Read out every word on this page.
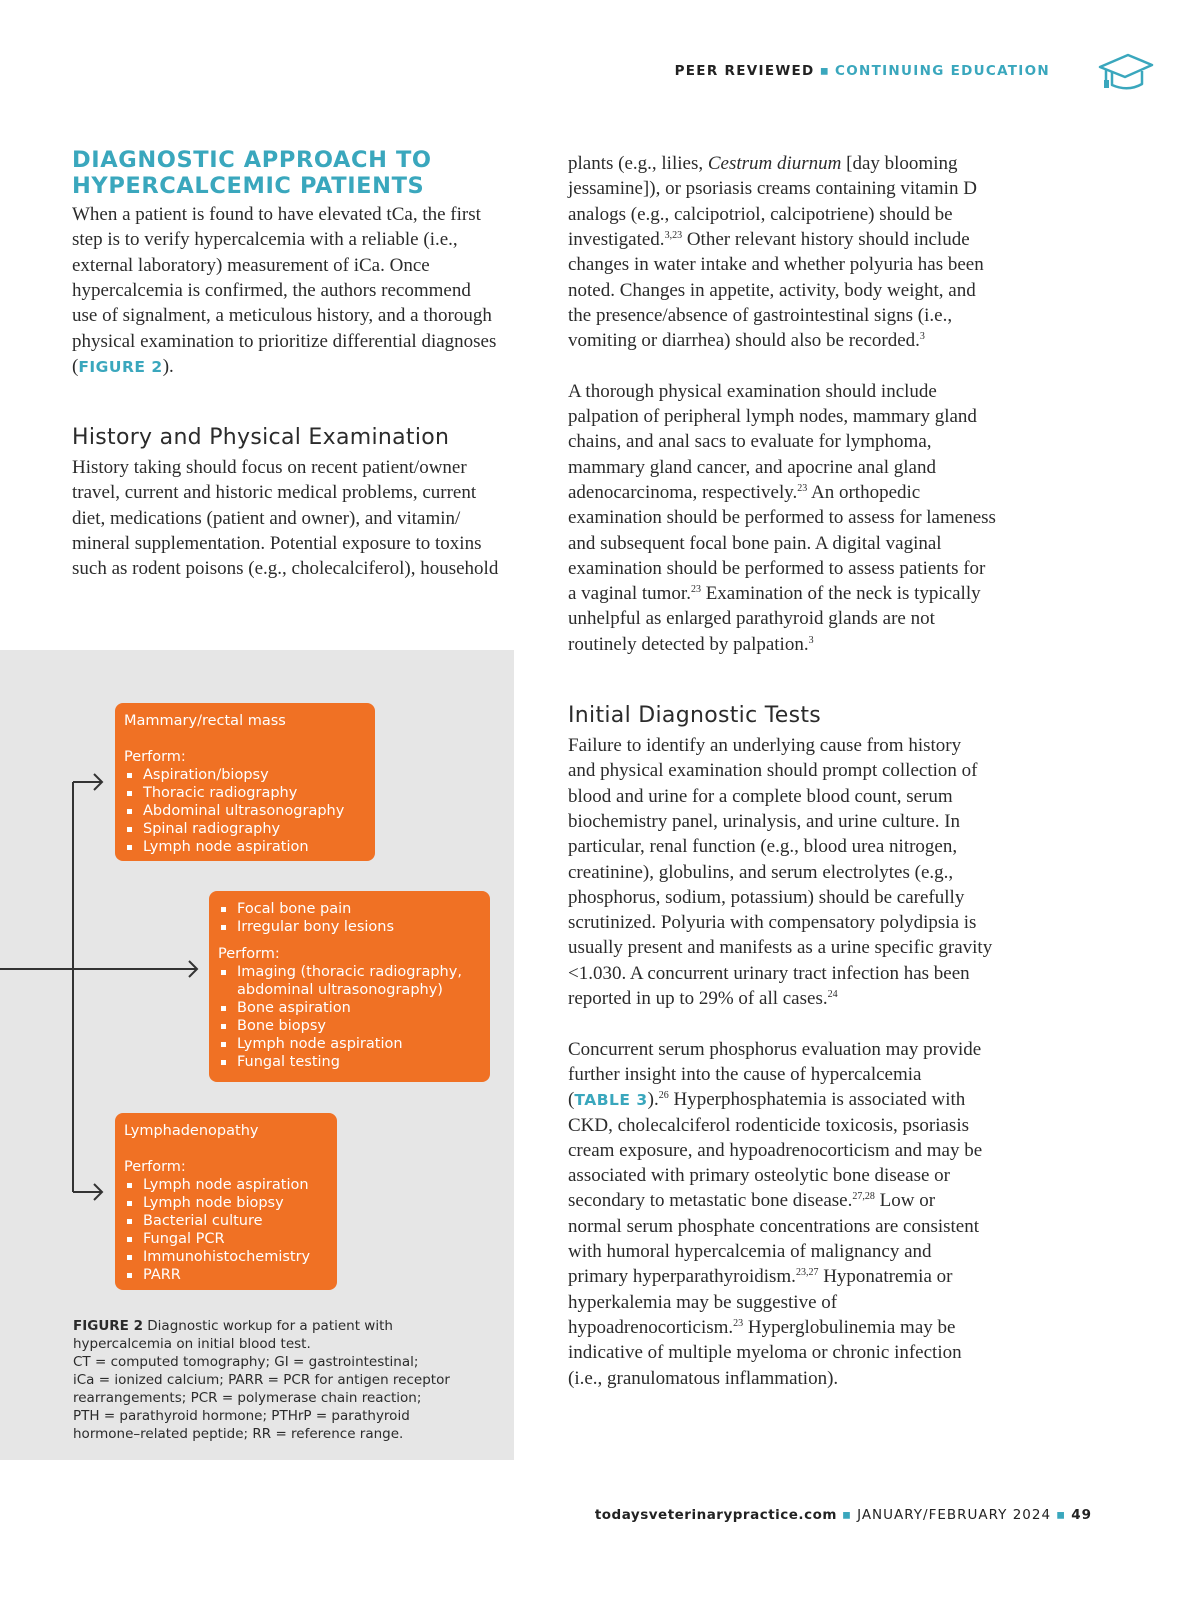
PEER REVIEWED ▪ CONTINUING EDUCATION
DIAGNOSTIC APPROACH TO
HYPERCALCEMIC PATIENTS
History and Physical Examination
Initial Diagnostic Tests
Mammary/rectal mass
Perform:
Aspiration/biopsy
Thoracic radiography
Abdominal ultrasonography
Spinal radiography
Lymph node aspiration
Focal bone pain
Irregular bony lesions
Perform:
Imaging (thoracic radiography,
abdominal ultrasonography)
Bone aspiration
Bone biopsy
Lymph node aspiration
Fungal testing
Lymphadenopathy
Perform:
Lymph node aspiration
Lymph node biopsy
Bacterial culture
Fungal PCR
Immunohistochemistry
PARR
FIGURE 2 Diagnostic workup for a patient with
hypercalcemia on initial blood test.
CT = computed tomography; GI = gastrointestinal;
iCa = ionized calcium; PARR = PCR for antigen receptor
rearrangements; PCR = polymerase chain reaction;
PTH = parathyroid hormone; PTHrP = parathyroid
hormone–related peptide; RR = reference range.
todaysveterinarypractice.com ▪ JANUARY/FEBRUARY 2024 ▪ 49
When a patient is found to have elevated tCa, the first
step is to verify hypercalcemia with a reliable (i.e.,
external laboratory) measurement of iCa. Once
hypercalcemia is confirmed, the authors recommend
use of signalment, a meticulous history, and a thorough
physical examination to prioritize differential diagnoses
(FIGURE 2).
History taking should focus on recent patient/owner
travel, current and historic medical problems, current
diet, medications (patient and owner), and vitamin/
mineral supplementation. Potential exposure to toxins
such as rodent poisons (e.g., cholecalciferol), household
plants (e.g., lilies, Cestrum diurnum [day blooming
jessamine]), or psoriasis creams containing vitamin D
analogs (e.g., calcipotriol, calcipotriene) should be
investigated.$^{3,23}$ Other relevant history should include
changes in water intake and whether polyuria has been
noted. Changes in appetite, activity, body weight, and
the presence/absence of gastrointestinal signs (i.e.,
vomiting or diarrhea) should also be recorded.$^3$
A thorough physical examination should include
palpation of peripheral lymph nodes, mammary gland
chains, and anal sacs to evaluate for lymphoma,
mammary gland cancer, and apocrine anal gland
adenocarcinoma, respectively.$^{23}$ An orthopedic
examination should be performed to assess for lameness
and subsequent focal bone pain. A digital vaginal
examination should be performed to assess patients for
a vaginal tumor.$^{23}$ Examination of the neck is typically
unhelpful as enlarged parathyroid glands are not
routinely detected by palpation.$^3$
Failure to identify an underlying cause from history
and physical examination should prompt collection of
blood and urine for a complete blood count, serum
biochemistry panel, urinalysis, and urine culture. In
particular, renal function (e.g., blood urea nitrogen,
creatinine), globulins, and serum electrolytes (e.g.,
phosphorus, sodium, potassium) should be carefully
scrutinized. Polyuria with compensatory polydipsia is
usually present and manifests as a urine specific gravity
<1.030. A concurrent urinary tract infection has been
reported in up to 29% of all cases.$^{24}$
Concurrent serum phosphorus evaluation may provide
further insight into the cause of hypercalcemia
(TABLE 3).$^{26}$ Hyperphosphatemia is associated with
CKD, cholecalciferol rodenticide toxicosis, psoriasis
cream exposure, and hypoadrenocorticism and may be
associated with primary osteolytic bone disease or
secondary to metastatic bone disease.$^{27,28}$ Low or
normal serum phosphate concentrations are consistent
with humoral hypercalcemia of malignancy and
primary hyperparathyroidism.$^{23,27}$ Hyponatremia or
hyperkalemia may be suggestive of
hypoadrenocorticism.$^{23}$ Hyperglobulinemia may be
indicative of multiple myeloma or chronic infection
(i.e., granulomatous inflammation).
